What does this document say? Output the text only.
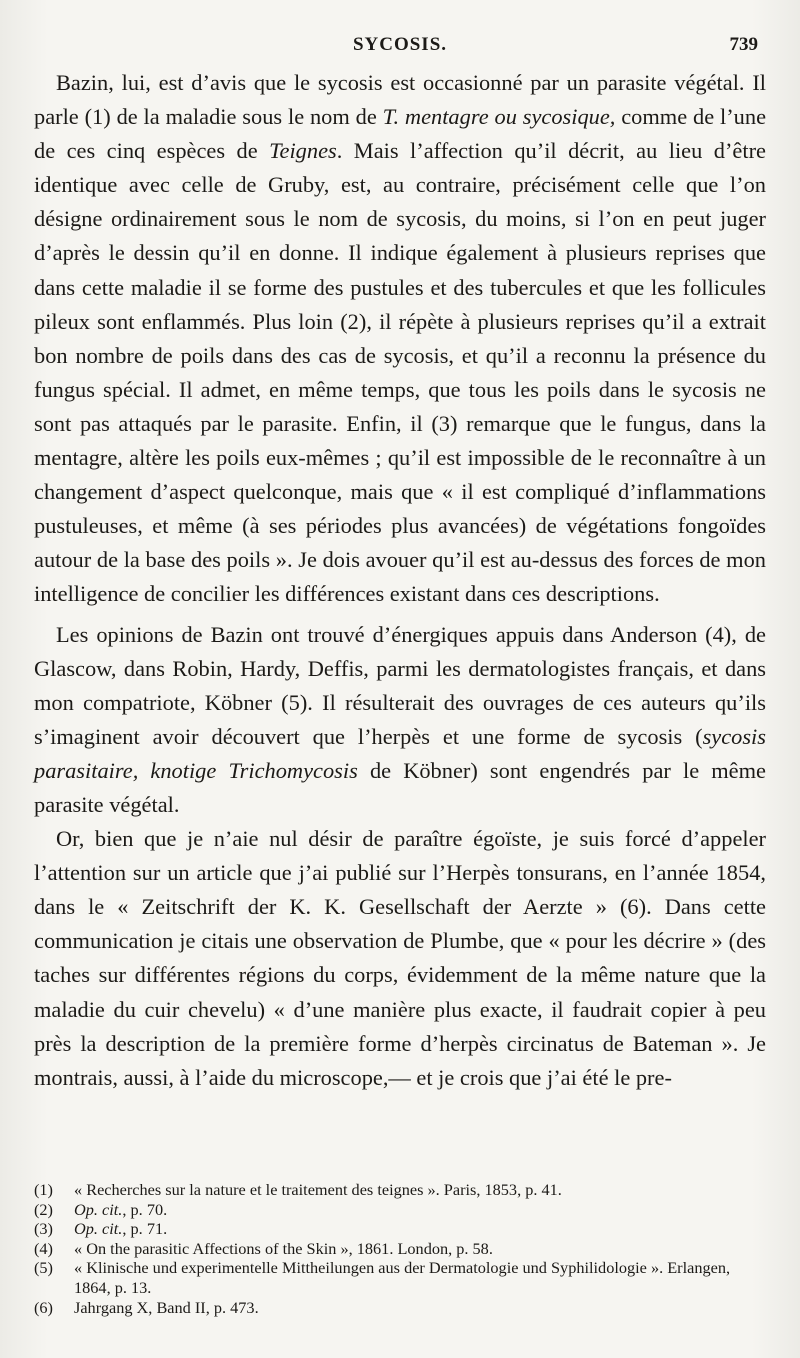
SYCOSIS.	739

Bazin, lui, est d’avis que le sycosis est occasionné par un parasite végétal. Il parle (1) de la maladie sous le nom de T. mentagre ou sycosique, comme de l’une de ces cinq espèces de Teignes. Mais l’affection qu’il décrit, au lieu d’être identique avec celle de Gruby, est, au contraire, précisément celle que l’on désigne ordinairement sous le nom de sycosis, du moins, si l’on en peut juger d’après le dessin qu’il en donne. Il indique également à plusieurs reprises que dans cette maladie il se forme des pustules et des tubercules et que les follicules pileux sont enflammés. Plus loin (2), il répète à plusieurs reprises qu’il a extrait bon nombre de poils dans des cas de sycosis, et qu’il a reconnu la présence du fungus spécial. Il admet, en même temps, que tous les poils dans le sycosis ne sont pas attaqués par le parasite. Enfin, il (3) remarque que le fungus, dans la mentagre, altère les poils eux-mêmes ; qu’il est impossible de le reconnaître à un changement d’aspect quelconque, mais que « il est compliqué d’inflammations pustuleuses, et même (à ses périodes plus avancées) de végétations fongoïdes autour de la base des poils ». Je dois avouer qu’il est au-dessus des forces de mon intelligence de concilier les différences existant dans ces descriptions.

Les opinions de Bazin ont trouvé d’énergiques appuis dans Anderson (4), de Glascow, dans Robin, Hardy, Deffis, parmi les dermatologistes français, et dans mon compatriote, Köbner (5). Il résulterait des ouvrages de ces auteurs qu’ils s’imaginent avoir découvert que l’herpès et une forme de sycosis (sycosis parasitaire, knotige Trichomycosis de Köbner) sont engendrés par le même parasite végétal.

Or, bien que je n’aie nul désir de paraître égoïste, je suis forcé d’appeler l’attention sur un article que j’ai publié sur l’Herpès tonsurans, en l’année 1854, dans le « Zeitschrift der K. K. Gesellschaft der Aerzte » (6). Dans cette communication je citais une observation de Plumbe, que « pour les décrire » (des taches sur différentes régions du corps, évidemment de la même nature que la maladie du cuir chevelu) « d’une manière plus exacte, il faudrait copier à peu près la description de la première forme d’herpès circinatus de Bateman ». Je montrais, aussi, à l’aide du microscope,— et je crois que j’ai été le pre-

(1) « Recherches sur la nature et le traitement des teignes ». Paris, 1853, p. 41.

(2) Op. cit., p. 70.

(3) Op. cit., p. 71.

(4) « On the parasitic Affections of the Skin », 1861. London, p. 58.

(5) « Klinische und experimentelle Mittheilungen aus der Dermatologie und Syphilidologie ». Erlangen, 1864, p. 13.

(6) Jahrgang X, Band II, p. 473.
